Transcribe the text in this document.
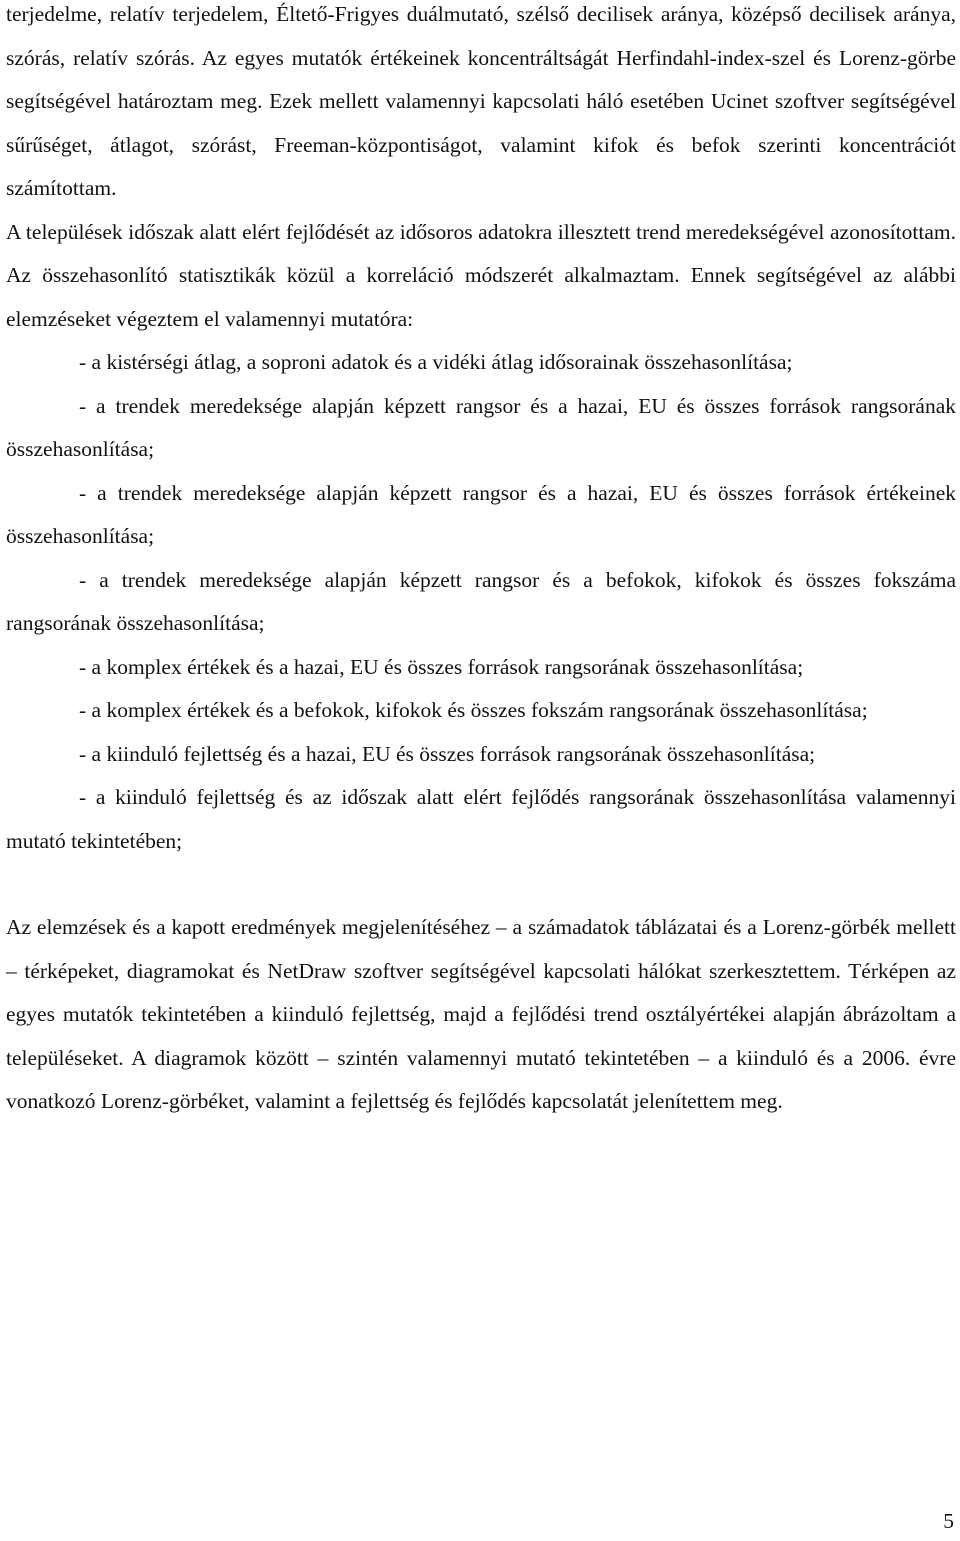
terjedelme, relatív terjedelem, Éltető-Frigyes duálmutató, szélső decilisek aránya, középső decilisek aránya, szórás, relatív szórás. Az egyes mutatók értékeinek koncentráltságát Herfindahl-index-szel és Lorenz-görbe segítségével határoztam meg. Ezek mellett valamennyi kapcsolati háló esetében Ucinet szoftver segítségével sűrűséget, átlagot, szórást, Freeman-központiságot, valamint kifok és befok szerinti koncentrációt számítottam.

A települések időszak alatt elért fejlődését az idősoros adatokra illesztett trend meredekségével azonosítottam. Az összehasonlító statisztikák közül a korreláció módszerét alkalmaztam. Ennek segítségével az alábbi elemzéseket végeztem el valamennyi mutatóra:

- a kistérségi átlag, a soproni adatok és a vidéki átlag idősorainak összehasonlítása;

- a trendek meredeksége alapján képzett rangsor és a hazai, EU és összes források rangsorának összehasonlítása;

- a trendek meredeksége alapján képzett rangsor és a hazai, EU és összes források értékeinek összehasonlítása;

- a trendek meredeksége alapján képzett rangsor és a befokok, kifokok és összes fokszáma rangsorának összehasonlítása;

- a komplex értékek és a hazai, EU és összes források rangsorának összehasonlítása;

- a komplex értékek és a befokok, kifokok és összes fokszám rangsorának összehasonlítása;

- a kiinduló fejlettség és a hazai, EU és összes források rangsorának összehasonlítása;

- a kiinduló fejlettség és az időszak alatt elért fejlődés rangsorának összehasonlítása valamennyi mutató tekintetében;

Az elemzések és a kapott eredmények megjelenítéséhez – a számadatok táblázatai és a Lorenz-görbék mellett – térképeket, diagramokat és NetDraw szoftver segítségével kapcsolati hálókat szerkesztettem. Térképen az egyes mutatók tekintetében a kiinduló fejlettség, majd a fejlődési trend osztályértékei alapján ábrázoltam a településeket. A diagramok között – szintén valamennyi mutató tekintetében – a kiinduló és a 2006. évre vonatkozó Lorenz-görbéket, valamint a fejlettség és fejlődés kapcsolatát jelenítettem meg.

5
